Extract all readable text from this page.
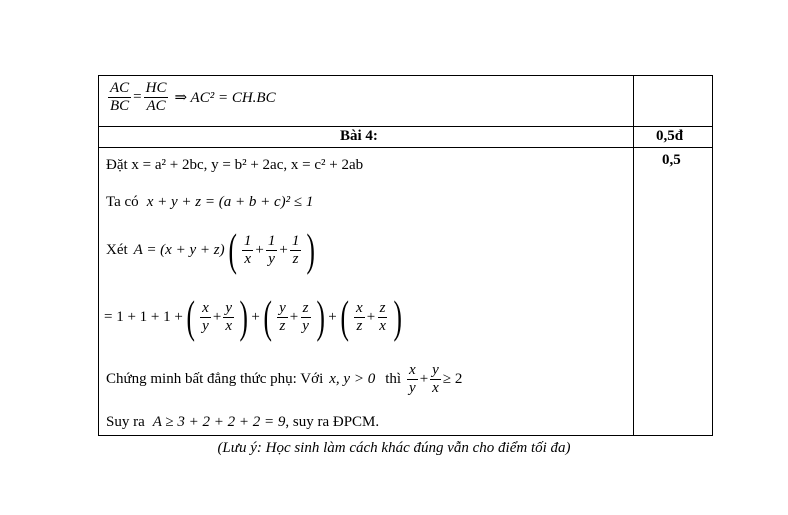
$\frac{AC}{BC} = \frac{HC}{AC}$ ⇒ AC² = CH.BC
Bài 4:	0,5đ
0,5
Đặt x = a² + 2bc, y = b² + 2ac, x = c² + 2ab
Ta có x + y + z = (a + b + c)² ≤ 1
Xét A = (x + y + z) ( $\frac{1}{x} + \frac{1}{y} + \frac{1}{z}$ )
= 1 + 1 + 1 + ( $\frac{x}{y} + \frac{y}{x}$ ) + ( $\frac{y}{z} + \frac{z}{y}$ ) + ( $\frac{x}{z} + \frac{z}{x}$ )
Chứng minh bất đẳng thức phụ: Với x, y > 0 thì $\frac{x}{y} + \frac{y}{x} \ge 2$
Suy ra A ≥ 3 + 2 + 2 + 2 = 9 , suy ra ĐPCM.
(Lưu ý: Học sinh làm cách khác đúng vẫn cho điểm tối đa)
